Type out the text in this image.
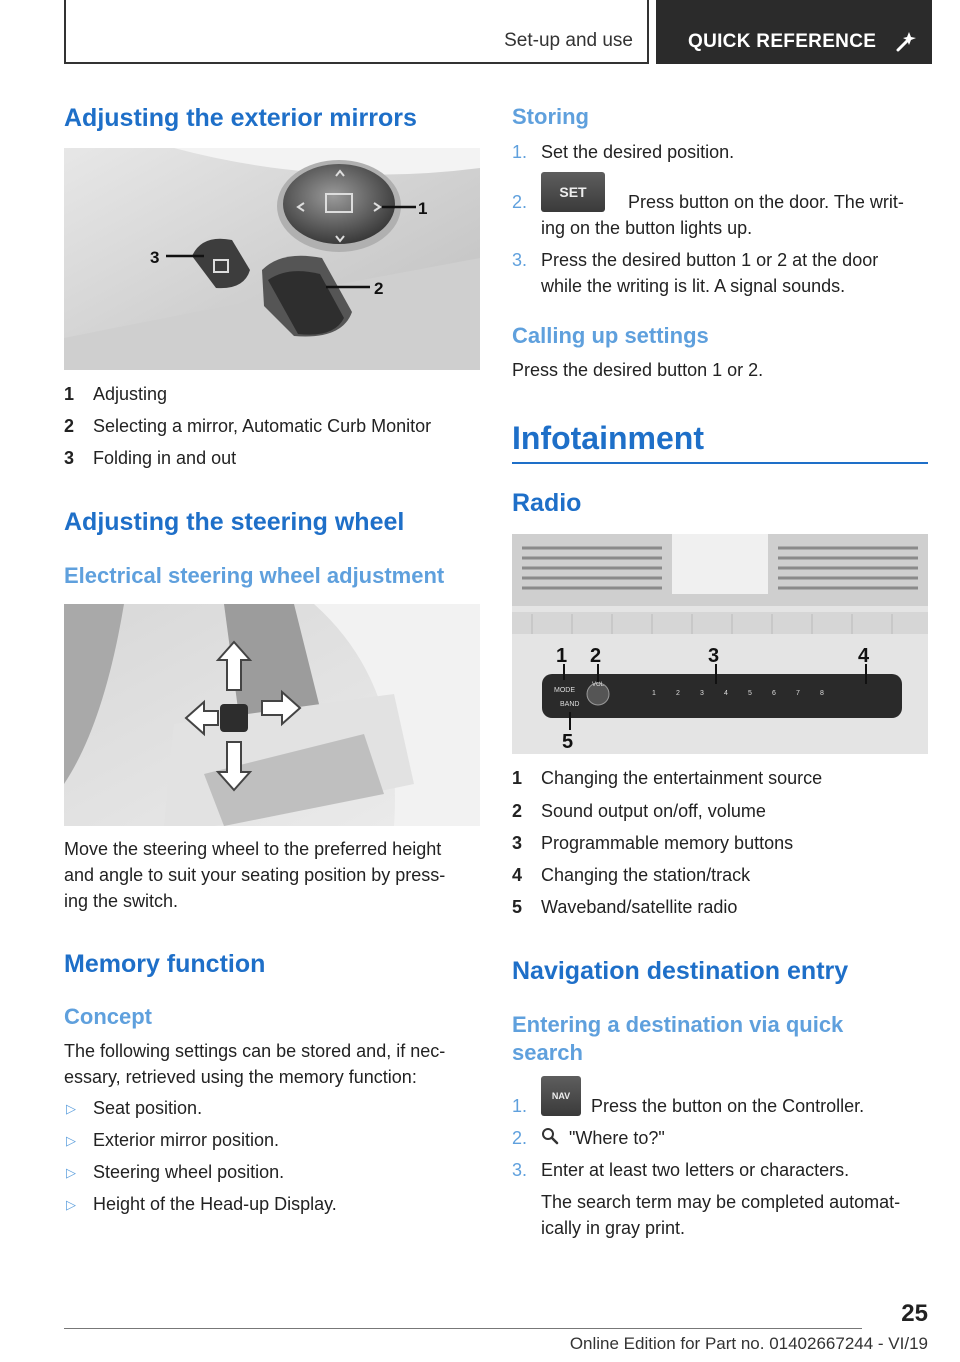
Set-up and use	QUICK REFERENCE
Adjusting the exterior mirrors
1
2
3
1 Adjusting
2 Selecting a mirror, Automatic Curb Monitor
3 Folding in and out
Adjusting the steering wheel
Electrical steering wheel adjustment
Move the steering wheel to the preferred height
and angle to suit your seating position by press-
ing the switch.
Memory function
Concept
The following settings can be stored and, if nec-
essary, retrieved using the memory function:
▷ Seat position.
▷ Exterior mirror position.
▷ Steering wheel position.
▷ Height of the Head-up Display.
Storing
1. Set the desired position.
2.	SET	Press button on the door. The writ-
ing on the button lights up.
3. Press the desired button 1 or 2 at the door
while the writing is lit. A signal sounds.
Calling up settings
Press the desired button 1 or 2.
Infotainment
Radio
MODE
BAND
VOL
1	2	3	4	5	6	7	8
1 2	3	4
5
1 Changing the entertainment source
2 Sound output on/off, volume
3 Programmable memory buttons
4 Changing the station/track
5 Waveband/satellite radio
Navigation destination entry
Entering a destination via quick
search
1.	NAV	Press the button on the Controller.
2. "Where to?"
3. Enter at least two letters or characters.
The search term may be completed automat-
ically in gray print.
25
Online Edition for Part no. 01402667244 - VI/19
